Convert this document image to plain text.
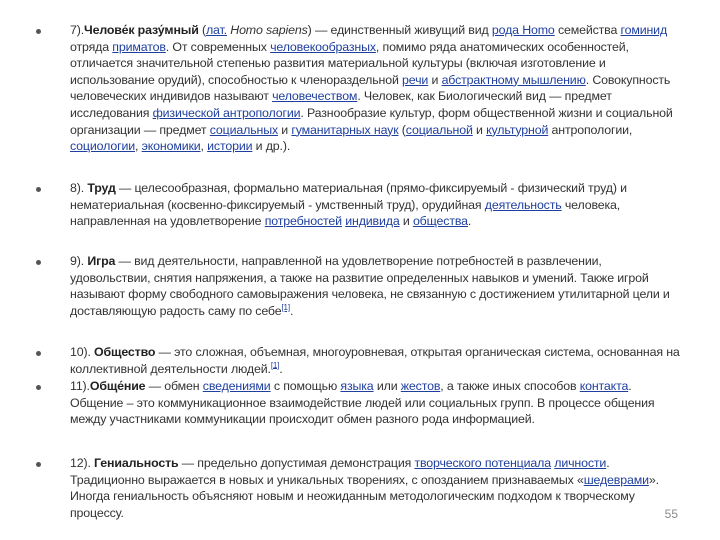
7).Челове́к разу́мный (лат. Homo sapiens) — единственный живущий вид рода Homo семейства гоминид отряда приматов. От современных человекообразных, помимо ряда анатомических особенностей, отличается значительной степенью развития материальной культуры (включая изготовление и использование орудий), способностью к членораздельной речи и абстрактному мышлению. Совокупность человеческих индивидов называют человечеством. Человек, как Биологический вид — предмет исследования физической антропологии. Разнообразие культур, форм общественной жизни и социальной организации — предмет социальных и гуманитарных наук (социальной и культурной антропологии, социологии, экономики, истории и др.).
8). Труд — целесообразная, формально материальная (прямо-фиксируемый - физический труд) и нематериальная (косвенно-фиксируемый - умственный труд), орудийная деятельность человека, направленная на удовлетворение потребностей индивида и общества.
9). Игра — вид деятельности, направленной на удовлетворение потребностей в развлечении, удовольствии, снятия напряжения, а также на развитие определенных навыков и умений. Также игрой называют форму свободного самовыражения человека, не связанную с достижением утилитарной цели и доставляющую радость саму по себе[1].
10). Общество — это сложная, объемная, многоуровневая, открытая органическая система, основанная на коллективной деятельности людей.[1].
11).Обще́ние — обмен сведениями с помощью языка или жестов, а также иных способов контакта. Общение – это коммуникационное взаимодействие людей или социальных групп. В процессе общения между участниками коммуникации происходит обмен разного рода информацией.
12). Гениальность — предельно допустимая демонстрация творческого потенциала личности. Традиционно выражается в новых и уникальных творениях, с опозданием признаваемых «шедеврами». Иногда гениальность объясняют новым и неожиданным методологическим подходом к творческому процессу.	55
